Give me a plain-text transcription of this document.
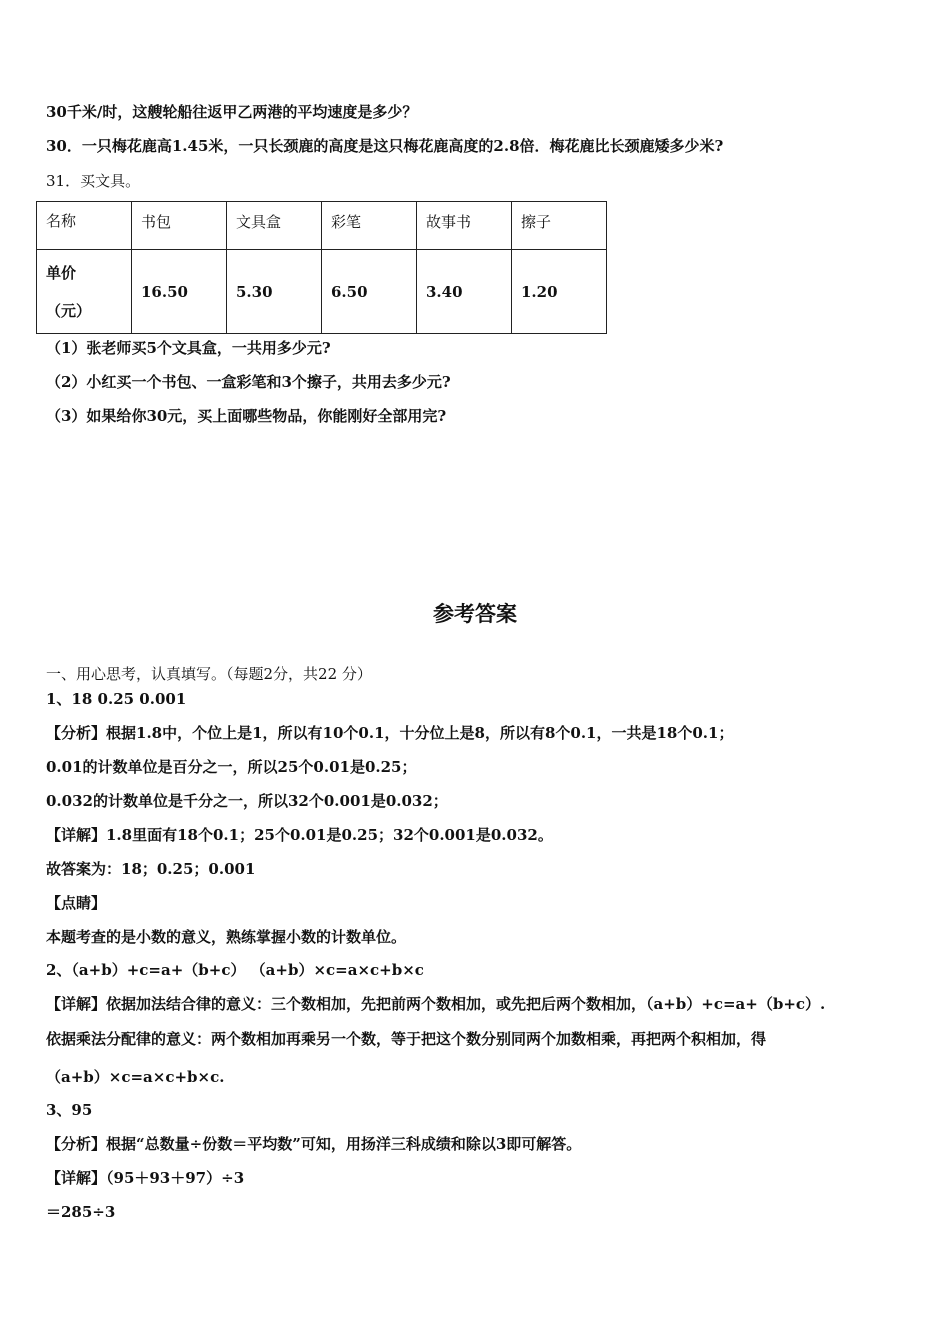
30千米/时，这艘轮船往返甲乙两港的平均速度是多少？
30．一只梅花鹿高1.45米，一只长颈鹿的高度是这只梅花鹿高度的2.8倍．梅花鹿比长颈鹿矮多少米?
31．买文具。
名称	书包	文具盒	彩笔	故事书	擦子

单价
（元）	16.50	5.30	6.50	3.40	1.20
（1）张老师买5个文具盒，一共用多少元?
（2）小红买一个书包、一盒彩笔和3个擦子，共用去多少元?
（3）如果给你30元，买上面哪些物品，你能刚好全部用完?
参考答案
一、用心思考，认真填写。（每题2分，共22 分）
1、18 0.25 0.001
【分析】根据1.8中，个位上是1，所以有10个0.1，十分位上是8，所以有8个0.1，一共是18个0.1；
0.01的计数单位是百分之一，所以25个0.01是0.25；
0.032的计数单位是千分之一，所以32个0.001是0.032；
【详解】1.8里面有18个0.1；25个0.01是0.25；32个0.001是0.032。
故答案为：18；0.25；0.001
【点睛】
本题考查的是小数的意义，熟练掌握小数的计数单位。
2、（a+b）+c=a+（b+c） （a+b）×c=a×c+b×c
【详解】依据加法结合律的意义：三个数相加，先把前两个数相加，或先把后两个数相加，（a+b）+c=a+（b+c）.
依据乘法分配律的意义：两个数相加再乘另一个数，等于把这个数分别同两个加数相乘，再把两个积相加，得
（a+b）×c=a×c+b×c.
3、95
【分析】根据“总数量÷份数＝平均数”可知，用扬洋三科成绩和除以3即可解答。
【详解】（95＋93＋97）÷3
＝285÷3
